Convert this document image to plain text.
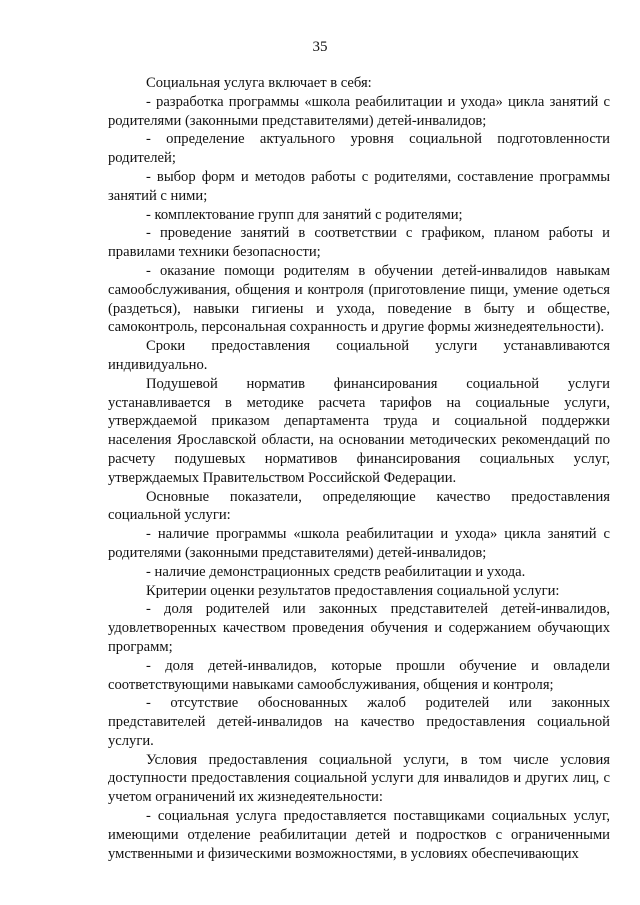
35

Социальная услуга включает в себя:

- разработка программы «школа реабилитации и ухода» цикла занятий с родителями (законными представителями) детей-инвалидов;

- определение актуального уровня социальной подготовленности родителей;

- выбор форм и методов работы с родителями, составление программы занятий с ними;

- комплектование групп для занятий с родителями;

- проведение занятий в соответствии с графиком, планом работы и правилами техники безопасности;

- оказание помощи родителям в обучении детей-инвалидов навыкам самообслуживания, общения и контроля (приготовление пищи, умение одеться (раздеться), навыки гигиены и ухода, поведение в быту и обществе, самоконтроль, персональная сохранность и другие формы жизнедеятельности).

Сроки предоставления социальной услуги устанавливаются индивидуально.

Подушевой норматив финансирования социальной услуги устанавливается в методике расчета тарифов на социальные услуги, утверждаемой приказом департамента труда и социальной поддержки населения Ярославской области, на основании методических рекомендаций по расчету подушевых нормативов финансирования социальных услуг, утверждаемых Правительством Российской Федерации.

Основные показатели, определяющие качество предоставления социальной услуги:

- наличие программы «школа реабилитации и ухода» цикла занятий с родителями (законными представителями) детей-инвалидов;

- наличие демонстрационных средств реабилитации и ухода.

Критерии оценки результатов предоставления социальной услуги:

- доля родителей или законных представителей детей-инвалидов, удовлетворенных качеством проведения обучения и содержанием обучающих программ;

- доля детей-инвалидов, которые прошли обучение и овладели соответствующими навыками самообслуживания, общения и контроля;

- отсутствие обоснованных жалоб родителей или законных представителей детей-инвалидов на качество предоставления социальной услуги.

Условия предоставления социальной услуги, в том числе условия доступности предоставления социальной услуги для инвалидов и других лиц, с учетом ограничений их жизнедеятельности:

- социальная услуга предоставляется поставщиками социальных услуг, имеющими отделение реабилитации детей и подростков с ограниченными умственными и физическими возможностями, в условиях обеспечивающих
